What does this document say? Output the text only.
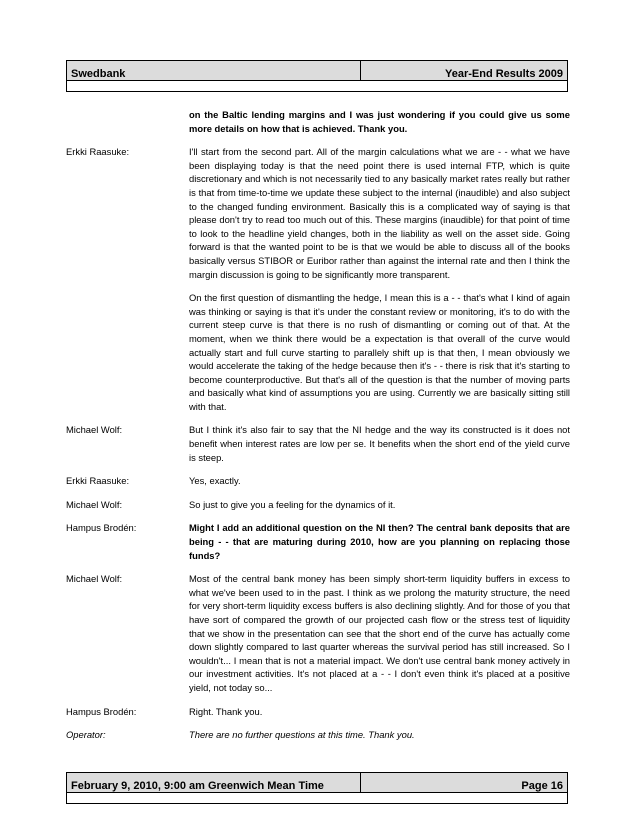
Swedbank	Year-End Results 2009

on the Baltic lending margins and I was just wondering if you could give us some more details on how that is achieved. Thank you.

Erkki Raasuke:	I'll start from the second part. All of the margin calculations what we are - - what we have been displaying today is that the need point there is used internal FTP, which is quite discretionary and which is not necessarily tied to any basically market rates really but rather is that from time-to-time we update these subject to the internal (inaudible) and also subject to the changed funding environment. Basically this is a complicated way of saying is that please don't try to read too much out of this. These margins (inaudible) for that point of time to look to the headline yield changes, both in the liability as well on the asset side. Going forward is that the wanted point to be is that we would be able to discuss all of the books basically versus STIBOR or Euribor rather than against the internal rate and then I think the margin discussion is going to be significantly more transparent.

On the first question of dismantling the hedge, I mean this is a - - that's what I kind of again was thinking or saying is that it's under the constant review or monitoring, it's to do with the current steep curve is that there is no rush of dismantling or coming out of that. At the moment, when we think there would be a expectation is that overall of the curve would actually start and full curve starting to parallely shift up is that then, I mean obviously we would accelerate the taking of the hedge because then it's - - there is risk that it's starting to become counterproductive. But that's all of the question is that the number of moving parts and basically what kind of assumptions you are using. Currently we are basically sitting still with that.

Michael Wolf:	But I think it's also fair to say that the NI hedge and the way its constructed is it does not benefit when interest rates are low per se. It benefits when the short end of the yield curve is steep.

Erkki Raasuke:	Yes, exactly.

Michael Wolf:	So just to give you a feeling for the dynamics of it.

Hampus Brodén:	Might I add an additional question on the NI then? The central bank deposits that are being - - that are maturing during 2010, how are you planning on replacing those funds?

Michael Wolf:	Most of the central bank money has been simply short-term liquidity buffers in excess to what we've been used to in the past. I think as we prolong the maturity structure, the need for very short-term liquidity excess buffers is also declining slightly. And for those of you that have sort of compared the growth of our projected cash flow or the stress test of liquidity that we show in the presentation can see that the short end of the curve has actually come down slightly compared to last quarter whereas the survival period has still increased. So I wouldn't... I mean that is not a material impact. We don't use central bank money actively in our investment activities. It's not placed at a - - I don't even think it's placed at a positive yield, not today so...

Hampus Brodén:	Right. Thank you.

Operator:	There are no further questions at this time. Thank you.

February 9, 2010, 9:00 am Greenwich Mean Time	Page 16
